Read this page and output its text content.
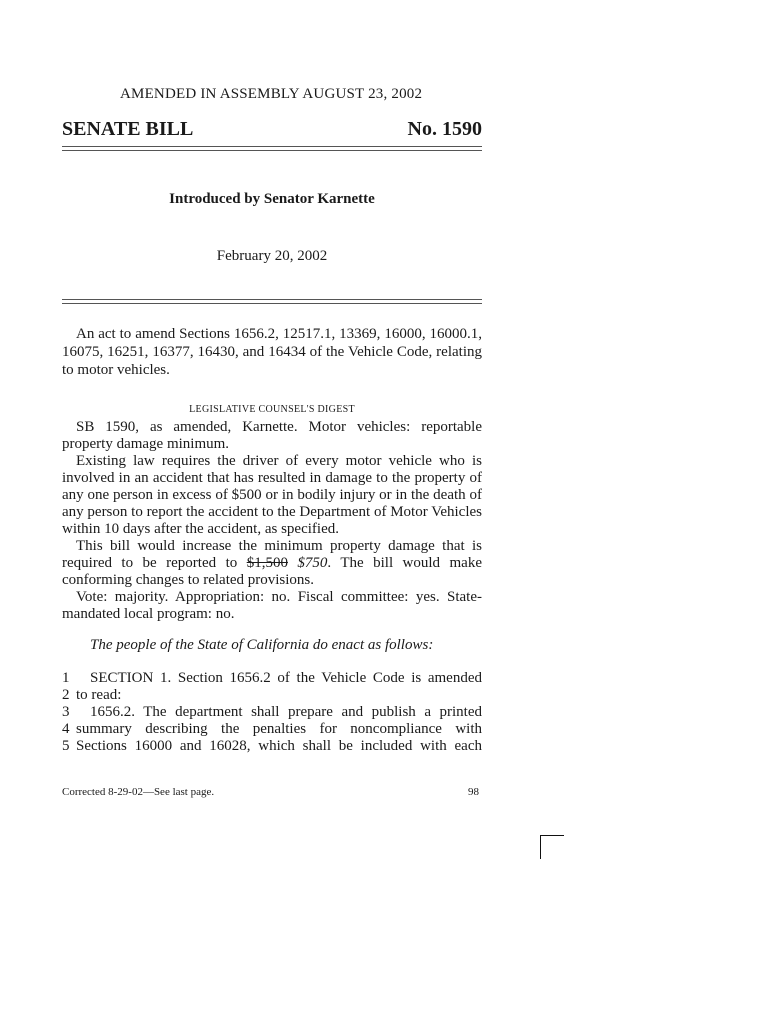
AMENDED IN ASSEMBLY AUGUST 23, 2002
SENATE BILL	No. 1590
Introduced by Senator Karnette
February 20, 2002

An act to amend Sections 1656.2, 12517.1, 13369, 16000, 16000.1, 16075, 16251, 16377, 16430, and 16434 of the Vehicle Code, relating to motor vehicles.

LEGISLATIVE COUNSEL'S DIGEST

SB 1590, as amended, Karnette. Motor vehicles: reportable property damage minimum.

Existing law requires the driver of every motor vehicle who is involved in an accident that has resulted in damage to the property of any one person in excess of $500 or in bodily injury or in the death of any person to report the accident to the Department of Motor Vehicles within 10 days after the accident, as specified.

This bill would increase the minimum property damage that is required to be reported to $1,500 $750. The bill would make conforming changes to related provisions.

Vote: majority. Appropriation: no. Fiscal committee: yes. State-mandated local program: no.

The people of the State of California do enact as follows:
1	SECTION 1. Section 1656.2 of the Vehicle Code is amended
2 to read:
3	1656.2. The department shall prepare and publish a printed
4 summary describing the penalties for noncompliance with
5 Sections 16000 and 16028, which shall be included with each
Corrected 8-29-02—See last page.	98
